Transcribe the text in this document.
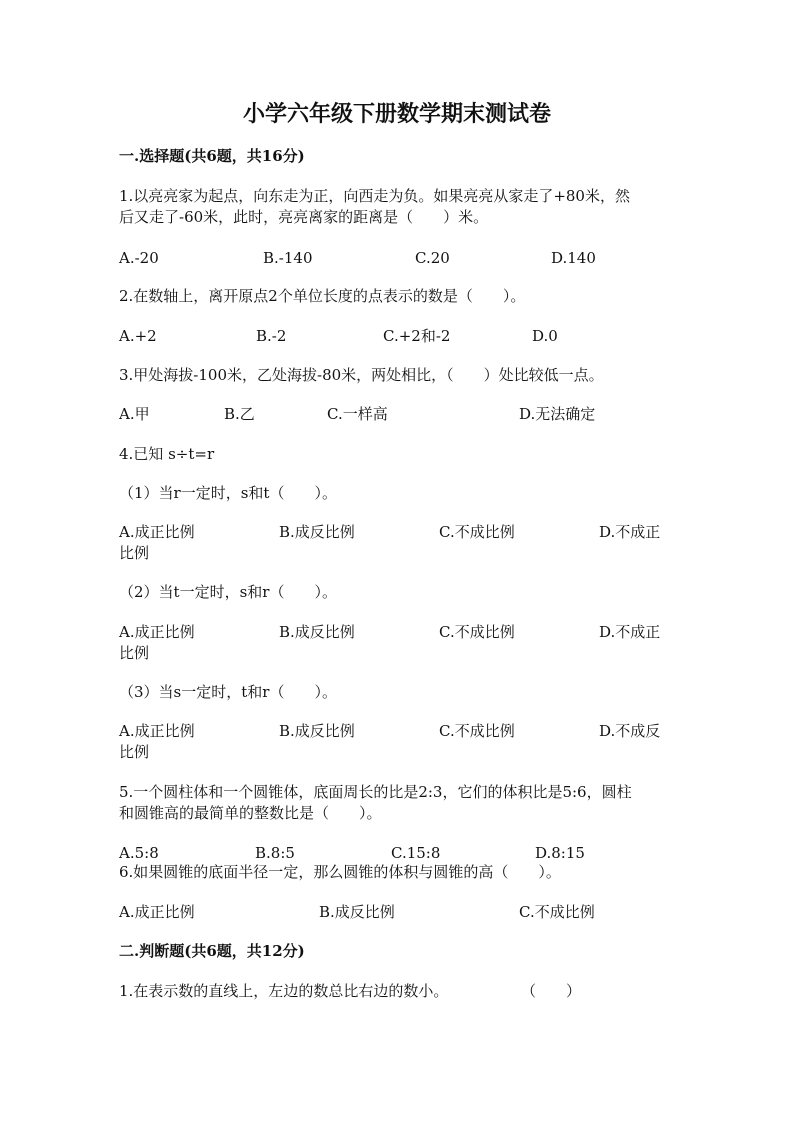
小学六年级下册数学期末测试卷
一.选择题(共6题，共16分)
1.以亮亮家为起点，向东走为正，向西走为负。如果亮亮从家走了+80米，然
后又走了-60米，此时，亮亮离家的距离是（　　）米。
A.-20	B.-140	C.20	D.140
2.在数轴上，离开原点2个单位长度的点表示的数是（　　）。
A.+2	B.-2	C.+2和-2	D.0
3.甲处海拔-100米，乙处海拔-80米，两处相比，（　　）处比较低一点。
A.甲	B.乙	C.一样高	D.无法确定
4.已知 s÷t=r
（1）当r一定时，s和t（　　）。
A.成正比例	B.成反比例	C.不成比例	D.不成正
比例
（2）当t一定时，s和r（　　）。
A.成正比例	B.成反比例	C.不成比例	D.不成正
比例
（3）当s一定时，t和r（　　）。
A.成正比例	B.成反比例	C.不成比例	D.不成反
比例
5.一个圆柱体和一个圆锥体，底面周长的比是2:3，它们的体积比是5:6，圆柱
和圆锥高的最简单的整数比是（　　）。
A.5:8	B.8:5	C.15:8	D.8:15
6.如果圆锥的底面半径一定，那么圆锥的体积与圆锥的高（　　）。
A.成正比例	B.成反比例	C.不成比例
二.判断题(共6题，共12分)
1.在表示数的直线上，左边的数总比右边的数小。	（　　）
